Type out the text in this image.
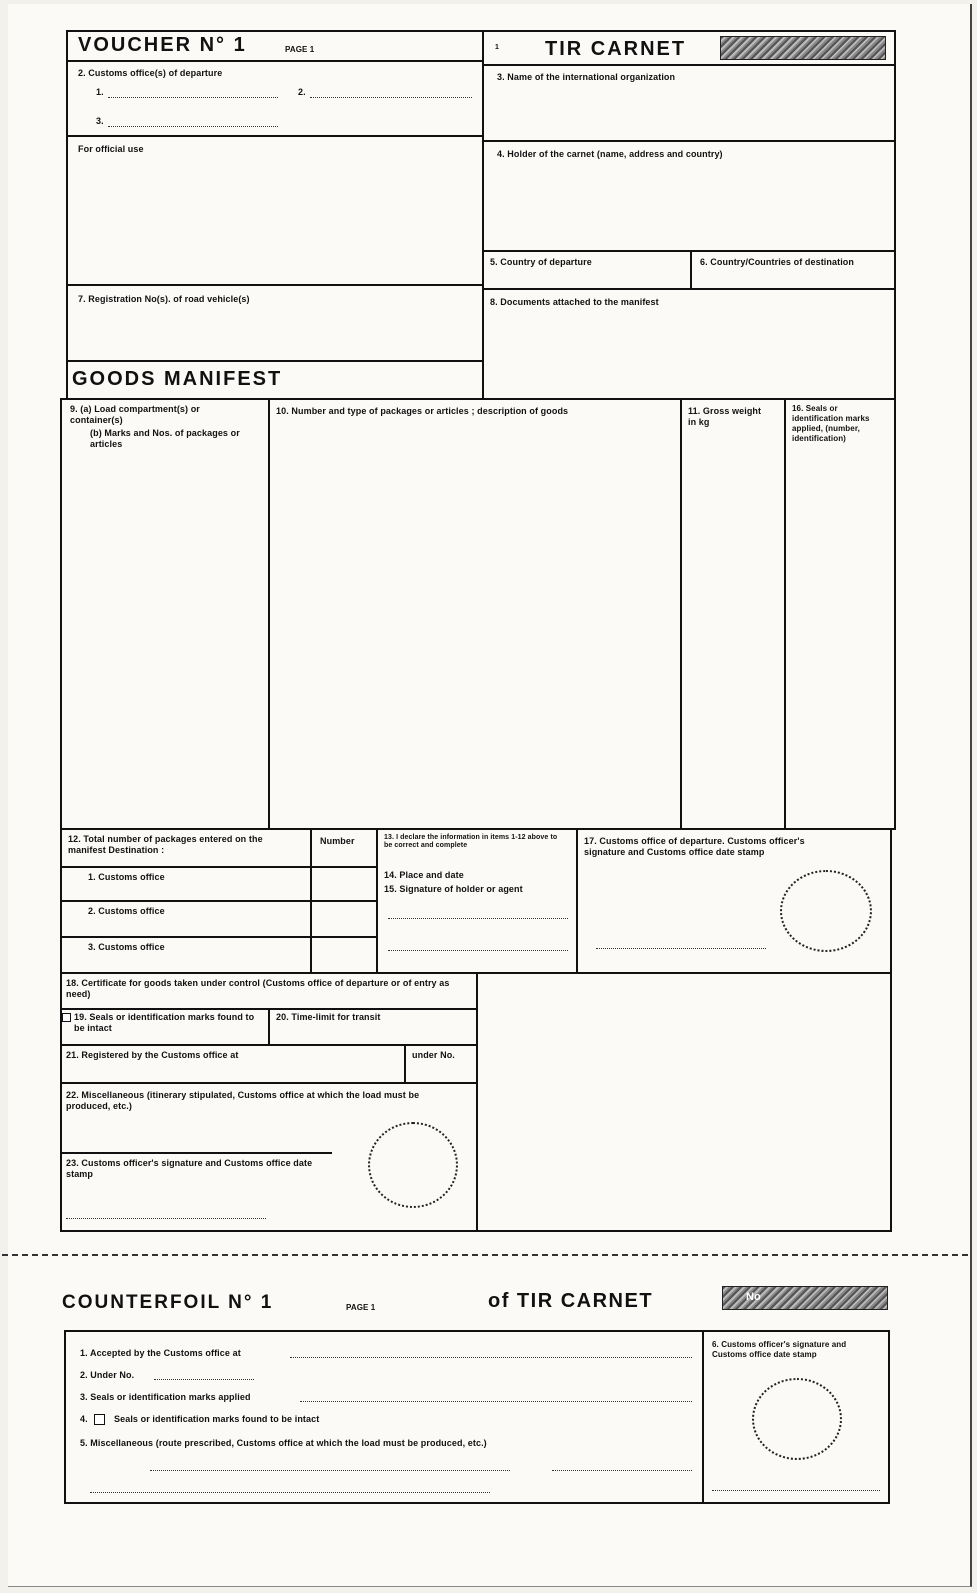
VOUCHER N° 1	PAGE 1
2. Customs office(s) of departure
1.	2.
3.
For official use
1 TIR CARNET
3. Name of the international organization
4. Holder of the carnet (name, address and country)
5. Country of departure	6. Country/Countries of destination
8. Documents attached to the manifest
7. Registration No(s). of road vehicle(s)
GOODS MANIFEST
9. (a) Load compartment(s) or container(s)
(b) Marks and Nos. of packages or articles
10. Number and type of packages or articles ; description of goods	11. Gross weight in kg
16. Seals or identification marks applied, (number, identification)
12. Total number of packages entered on the manifest Destination :
Number
1. Customs office
2. Customs office
3. Customs office
13. I declare the information in items 1-12 above to be correct and complete
14. Place and date
15. Signature of holder or agent
17. Customs office of departure. Customs officer's signature and Customs office date stamp
18. Certificate for goods taken under control (Customs office of departure or of entry as need)
19. Seals or identification marks found to be intact
20. Time-limit for transit
21. Registered by the Customs office at	under No.
22. Miscellaneous (itinerary stipulated, Customs office at which the load must be produced, etc.)
23. Customs officer's signature and Customs office date stamp
COUNTERFOIL N° 1	PAGE 1	of TIR CARNET	No
1. Accepted by the Customs office at
2. Under No.
3. Seals or identification marks applied
4.	Seals or identification marks found to be intact
5. Miscellaneous (route prescribed, Customs office at which the load must be produced, etc.)
6. Customs officer's signature and Customs office date stamp
